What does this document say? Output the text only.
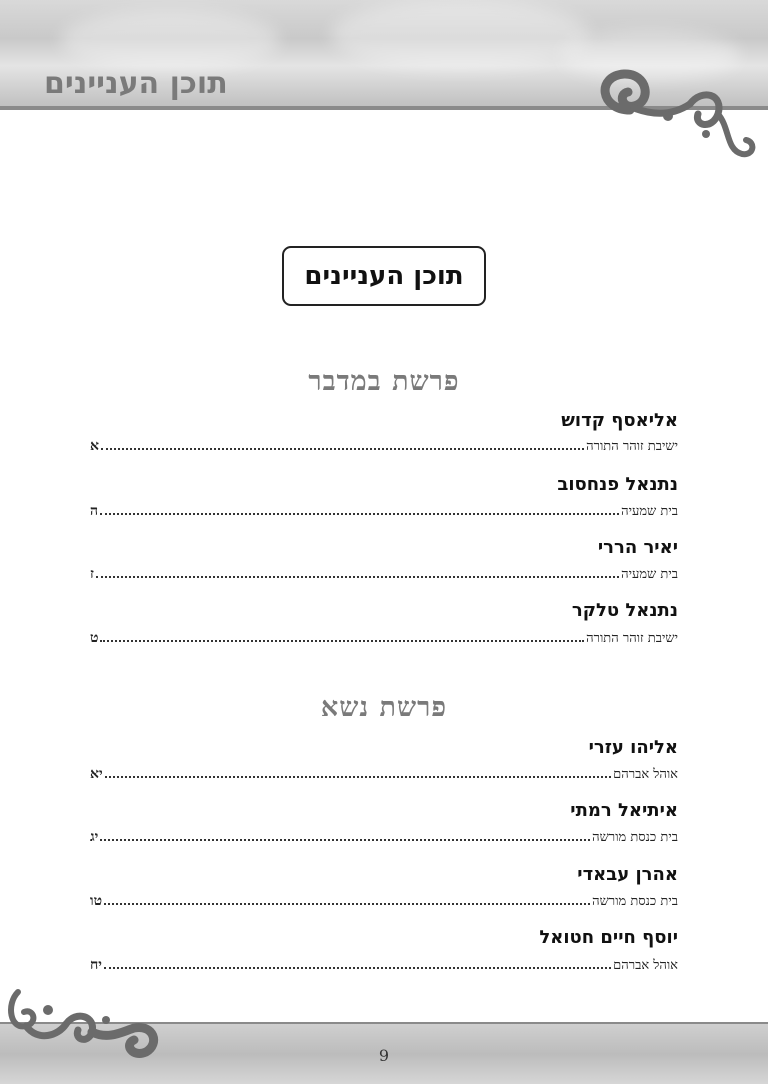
תוכן העניינים
תוכן העניינים
פרשת במדבר
אליאסף קדוש
ישיבת זוהר התורה
א
נתנאל פנחסוב
בית שמעיה
ה
יאיר הררי
בית שמעיה
ז
נתנאל טלקר
ישיבת זוהר התורה
ט
פרשת נשא
אליהו עזרי
אוהל אברהם
יא
איתיאל רמתי
בית כנסת מורשה
יג
אהרן עבאדי
בית כנסת מורשה
טו
יוסף חיים חטואל
אוהל אברהם
יח
9
